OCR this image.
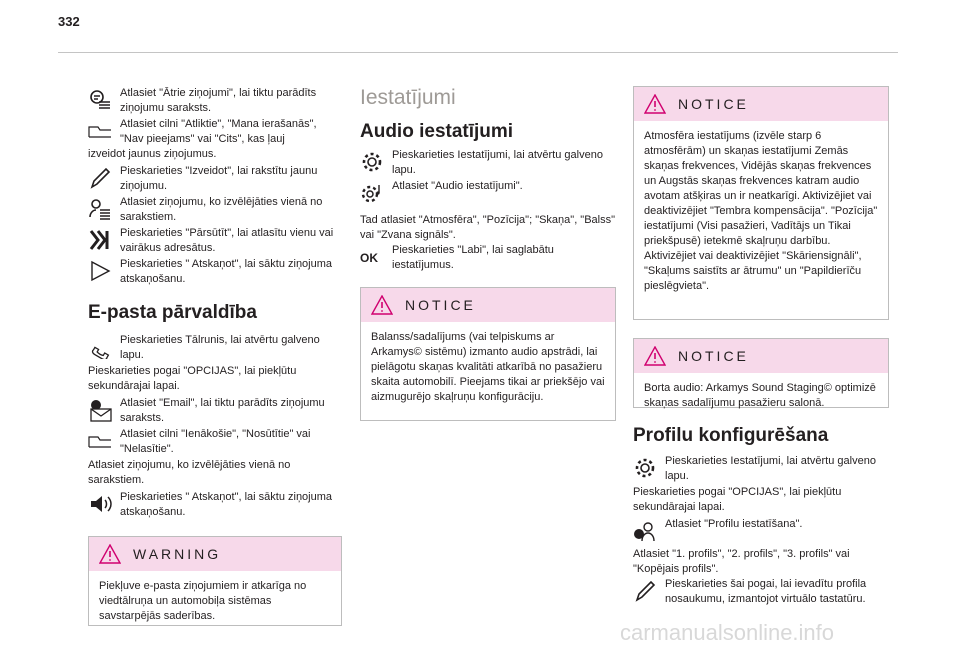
332

Atlasiet "Ātrie ziņojumi", lai tiktu parādīts ziņojumu saraksts.

Atlasiet cilni "Atliktie", "Mana ierašanās", "Nav pieejams" vai "Cits", kas ļauj

izveidot jaunus ziņojumus.

Pieskarieties "Izveidot", lai rakstītu jaunu ziņojumu.

Atlasiet ziņojumu, ko izvēlējāties vienā no sarakstiem.

Pieskarieties "Pārsūtīt", lai atlasītu vienu vai vairākus adresātus.

Pieskarieties " Atskaņot", lai sāktu ziņojuma atskaņošanu.

E-pasta pārvaldība

Pieskarieties Tālrunis, lai atvērtu galveno lapu.

Pieskarieties pogai "OPCIJAS", lai piekļūtu sekundārajai lapai.

Atlasiet "Email", lai tiktu parādīts ziņojumu saraksts.

Atlasiet cilni "Ienākošie", "Nosūtītie" vai "Nelasītie".

Atlasiet ziņojumu, ko izvēlējāties vienā no sarakstiem.

Pieskarieties " Atskaņot", lai sāktu ziņojuma atskaņošanu.

WARNING
Piekļuve e-pasta ziņojumiem ir atkarīga no viedtālruņa un automobiļa sistēmas savstarpējās saderības.
Iestatījumi
Audio iestatījumi

Pieskarieties Iestatījumi, lai atvērtu galveno lapu.

Atlasiet "Audio iestatījumi".

Tad atlasiet "Atmosfēra", "Pozīcija"; "Skaņa", "Balss" vai "Zvana signāls".

OK

Pieskarieties "Labi", lai saglabātu iestatījumus.

NOTICE
Balanss/sadalījums (vai telpiskums ar Arkamys© sistēmu) izmanto audio apstrādi, lai pielāgotu skaņas kvalitāti atkarībā no pasažieru skaita automobilī. Pieejams tikai ar priekšējo vai aizmugurējo skaļruņu konfigurāciju.
NOTICE
Atmosfēra iestatījums (izvēle starp 6 atmosfērām) un skaņas iestatījumi Zemās skaņas frekvences, Vidējās skaņas frekvences un Augstās skaņas frekvences katram audio avotam atšķiras un ir neatkarīgi. Aktivizējiet vai deaktivizējiet "Tembra kompensācija". "Pozīcija" iestatījumi (Visi pasažieri, Vadītājs un Tikai priekšpusē) ietekmē skaļruņu darbību. Aktivizējiet vai deaktivizējiet "Skāriensignāli", "Skaļums saistīts ar ātrumu" un "Papildierīču pieslēgvieta".
NOTICE
Borta audio: Arkamys Sound Staging© optimizē skaņas sadalījumu pasažieru salonā.
Profilu konfigurēšana

Pieskarieties Iestatījumi, lai atvērtu galveno lapu.

Pieskarieties pogai "OPCIJAS", lai piekļūtu sekundārajai lapai.

Atlasiet "Profilu iestatīšana".

Atlasiet "1. profils", "2. profils", "3. profils" vai "Kopējais profils".

Pieskarieties šai pogai, lai ievadītu profila nosaukumu, izmantojot virtuālo tastatūru.

carmanualsonline.info
